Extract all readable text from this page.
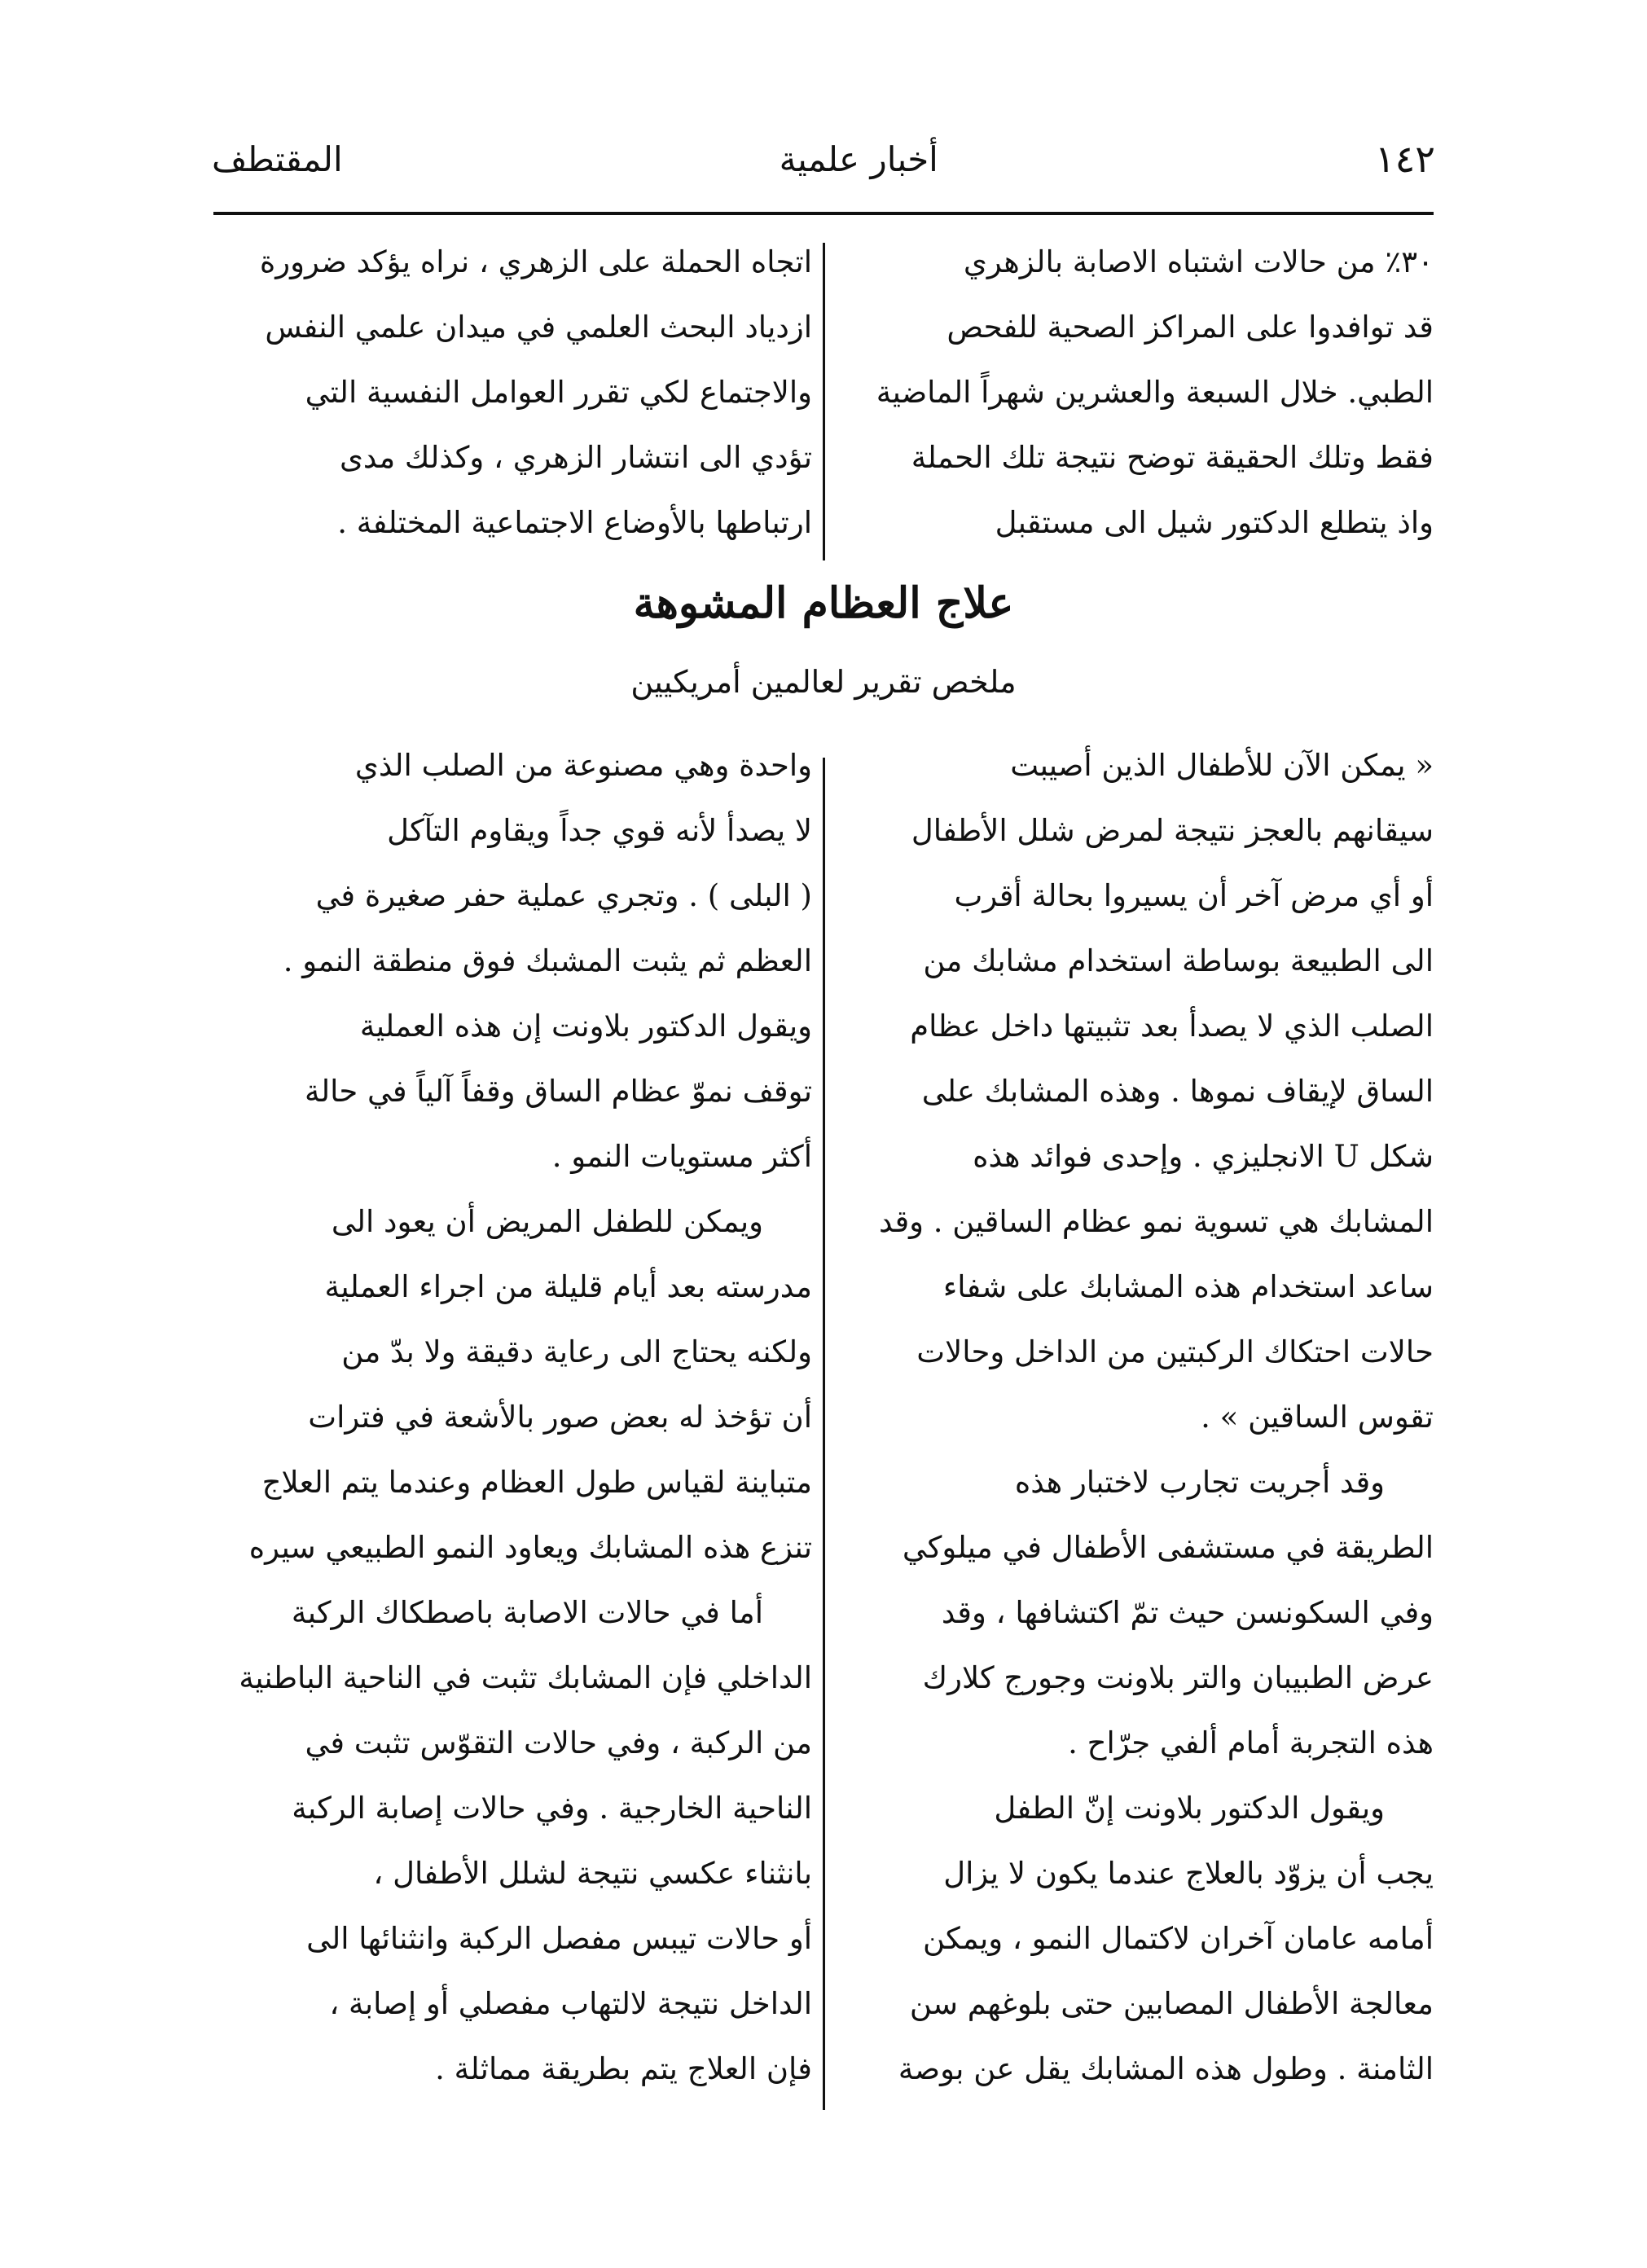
١٤٢
أخبار علمية
المقتطف

٣٠٪ من حالات اشتباه الاصابة بالزهري
قد توافدوا على المراكز الصحية للفحص
الطبي. خلال السبعة والعشرين شهراً الماضية
فقط وتلك الحقيقة توضح نتيجة تلك الحملة
واذ يتطلع الدكتور شيل الى مستقبل

اتجاه الحملة على الزهري ، نراه يؤكد ضرورة
ازدياد البحث العلمي في ميدان علمي النفس
والاجتماع لكي تقرر العوامل النفسية التي
تؤدي الى انتشار الزهري ، وكذلك مدى
ارتباطها بالأوضاع الاجتماعية المختلفة .

علاج العظام المشوهة
ملخص تقرير لعالمين أمريكيين

« يمكن الآن للأطفال الذين أصيبت
سيقانهم بالعجز نتيجة لمرض شلل الأطفال
أو أي مرض آخر أن يسيروا بحالة أقرب
الى الطبيعة بوساطة استخدام مشابك من
الصلب الذي لا يصدأ بعد تثبيتها داخل عظام
الساق لإيقاف نموها . وهذه المشابك على
شكل U الانجليزي . وإحدى فوائد هذه
المشابك هي تسوية نمو عظام الساقين . وقد
ساعد استخدام هذه المشابك على شفاء
حالات احتكاك الركبتين من الداخل وحالات
تقوس الساقين » .

وقد أجريت تجارب لاختبار هذه
الطريقة في مستشفى الأطفال في ميلوكي
وفي السكونسن حيث تمّ اكتشافها ، وقد
عرض الطبيبان والتر بلاونت وجورج كلارك
هذه التجربة أمام ألفي جرّاح .

ويقول الدكتور بلاونت إنّ الطفل
يجب أن يزوّد بالعلاج عندما يكون لا يزال
أمامه عامان آخران لاكتمال النمو ، ويمكن
معالجة الأطفال المصابين حتى بلوغهم سن
الثامنة . وطول هذه المشابك يقل عن بوصة

واحدة وهي مصنوعة من الصلب الذي
لا يصدأ لأنه قوي جداً ويقاوم التآكل
( البلى ) . وتجري عملية حفر صغيرة في
العظم ثم يثبت المشبك فوق منطقة النمو .
ويقول الدكتور بلاونت إن هذه العملية
توقف نموّ عظام الساق وقفاً آلياً في حالة
أكثر مستويات النمو .

ويمكن للطفل المريض أن يعود الى
مدرسته بعد أيام قليلة من اجراء العملية
ولكنه يحتاج الى رعاية دقيقة ولا بدّ من
أن تؤخذ له بعض صور بالأشعة في فترات
متباينة لقياس طول العظام وعندما يتم العلاج
تنزع هذه المشابك ويعاود النمو الطبيعي سيره

أما في حالات الاصابة باصطكاك الركبة
الداخلي فإن المشابك تثبت في الناحية الباطنية
من الركبة ، وفي حالات التقوّس تثبت في
الناحية الخارجية . وفي حالات إصابة الركبة
بانثناء عكسي نتيجة لشلل الأطفال ،
أو حالات تيبس مفصل الركبة وانثنائها الى
الداخل نتيجة لالتهاب مفصلي أو إصابة ،
فإن العلاج يتم بطريقة مماثلة .
